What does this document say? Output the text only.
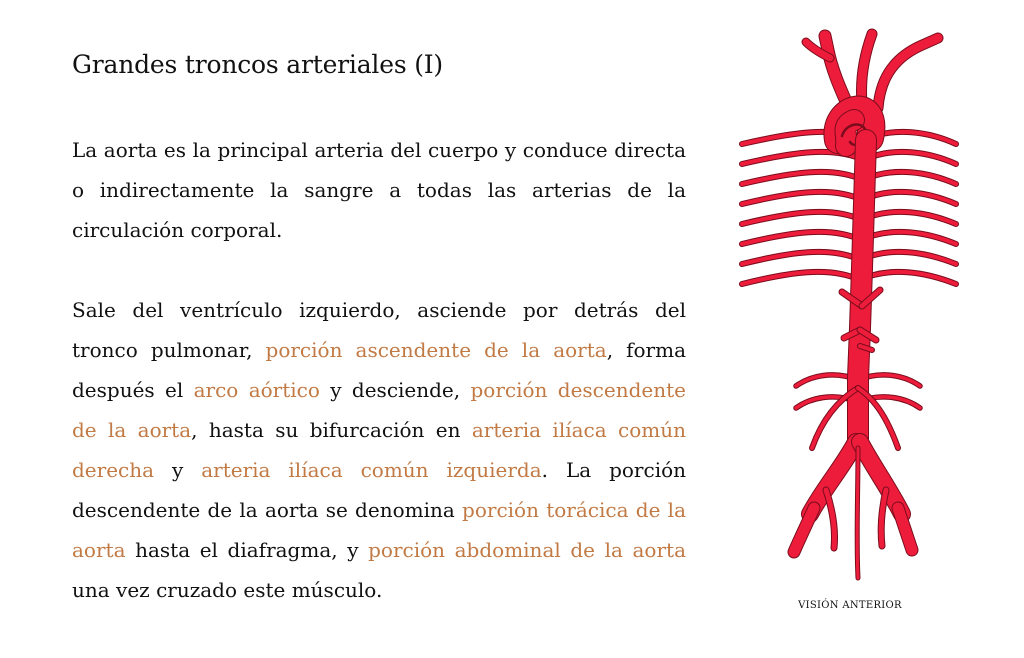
Grandes troncos arteriales (I)

La aorta es la principal arteria del cuerpo y conduce directa o indirectamente la sangre a todas las arterias de la circulación corporal.

Sale del ventrículo izquierdo, asciende por detrás del tronco pulmonar, porción ascendente de la aorta, forma después el arco aórtico y desciende, porción descendente de la aorta, hasta su bifurcación en arteria ilíaca común derecha y arteria ilíaca común izquierda. La porción descendente de la aorta se denomina porción torácica de la aorta hasta el diafragma, y porción abdominal de la aorta una vez cruzado este músculo.

VISIÓN ANTERIOR
